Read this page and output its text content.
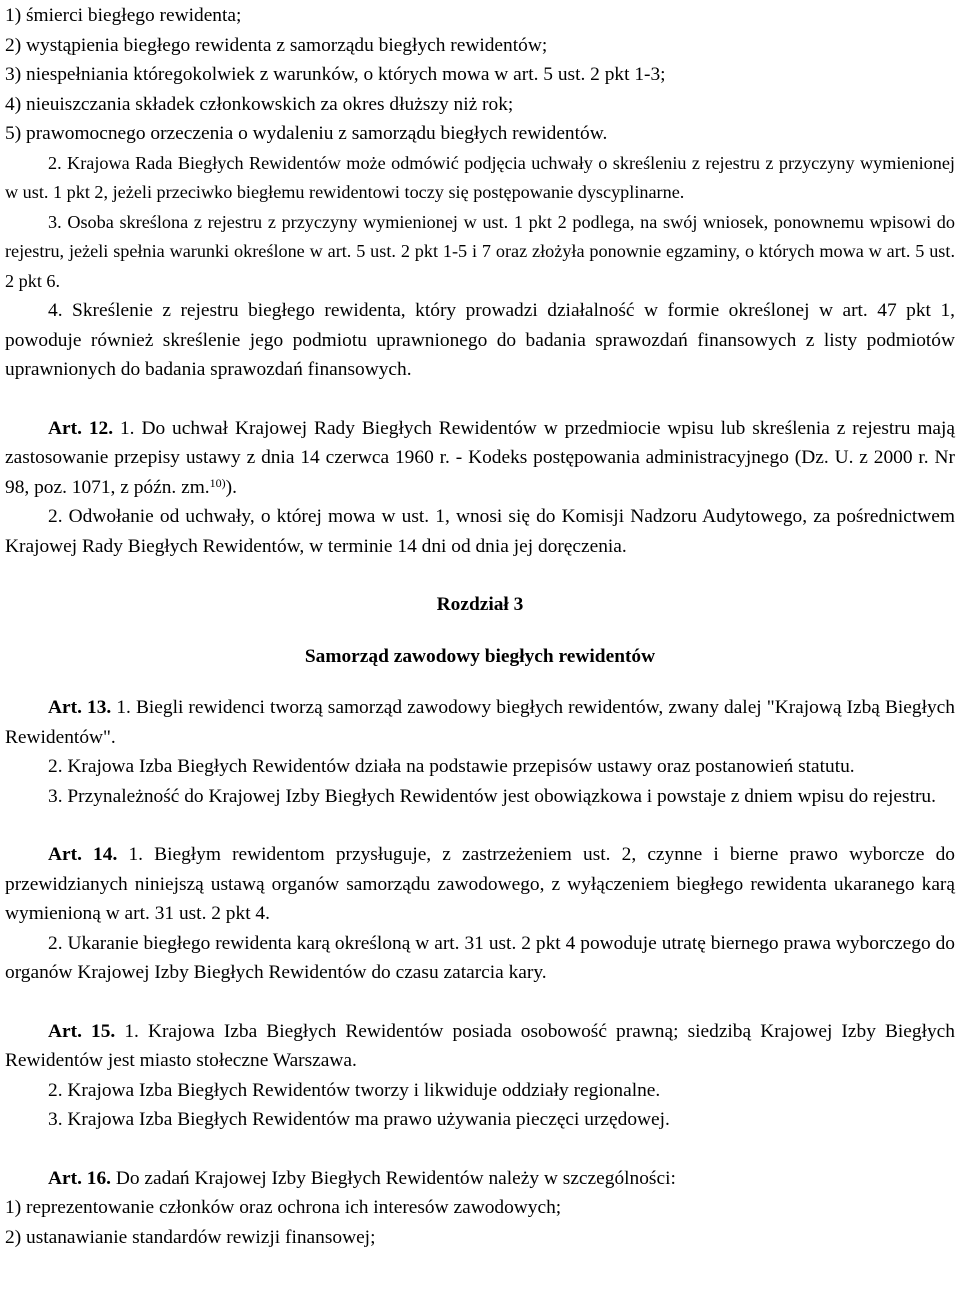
1) śmierci biegłego rewidenta;

2) wystąpienia biegłego rewidenta z samorządu biegłych rewidentów;

3) niespełniania któregokolwiek z warunków, o których mowa w art. 5 ust. 2 pkt 1-3;

4) nieuiszczania składek członkowskich za okres dłuższy niż rok;

5) prawomocnego orzeczenia o wydaleniu z samorządu biegłych rewidentów.

2. Krajowa Rada Biegłych Rewidentów może odmówić podjęcia uchwały o skreśleniu z rejestru z przyczyny wymienionej w ust. 1 pkt 2, jeżeli przeciwko biegłemu rewidentowi toczy się postępowanie dyscyplinarne.

3. Osoba skreślona z rejestru z przyczyny wymienionej w ust. 1 pkt 2 podlega, na swój wniosek, ponownemu wpisowi do rejestru, jeżeli spełnia warunki określone w art. 5 ust. 2 pkt 1-5 i 7 oraz złożyła ponownie egzaminy, o których mowa w art. 5 ust. 2 pkt 6.

4. Skreślenie z rejestru biegłego rewidenta, który prowadzi działalność w formie określonej w art. 47 pkt 1, powoduje również skreślenie jego podmiotu uprawnionego do badania sprawozdań finansowych z listy podmiotów uprawnionych do badania sprawozdań finansowych.

Art. 12. 1. Do uchwał Krajowej Rady Biegłych Rewidentów w przedmiocie wpisu lub skreślenia z rejestru mają zastosowanie przepisy ustawy z dnia 14 czerwca 1960 r. - Kodeks postępowania administracyjnego (Dz. U. z 2000 r. Nr 98, poz. 1071, z późn. zm.$^{10)}$).

2. Odwołanie od uchwały, o której mowa w ust. 1, wnosi się do Komisji Nadzoru Audytowego, za pośrednictwem Krajowej Rady Biegłych Rewidentów, w terminie 14 dni od dnia jej doręczenia.

Rozdział 3

Samorząd zawodowy biegłych rewidentów

Art. 13. 1. Biegli rewidenci tworzą samorząd zawodowy biegłych rewidentów, zwany dalej "Krajową Izbą Biegłych Rewidentów".

2. Krajowa Izba Biegłych Rewidentów działa na podstawie przepisów ustawy oraz postanowień statutu.

3. Przynależność do Krajowej Izby Biegłych Rewidentów jest obowiązkowa i powstaje z dniem wpisu do rejestru.

Art. 14. 1. Biegłym rewidentom przysługuje, z zastrzeżeniem ust. 2, czynne i bierne prawo wyborcze do przewidzianych niniejszą ustawą organów samorządu zawodowego, z wyłączeniem biegłego rewidenta ukaranego karą wymienioną w art. 31 ust. 2 pkt 4.

2. Ukaranie biegłego rewidenta karą określoną w art. 31 ust. 2 pkt 4 powoduje utratę biernego prawa wyborczego do organów Krajowej Izby Biegłych Rewidentów do czasu zatarcia kary.

Art. 15. 1. Krajowa Izba Biegłych Rewidentów posiada osobowość prawną; siedzibą Krajowej Izby Biegłych Rewidentów jest miasto stołeczne Warszawa.

2. Krajowa Izba Biegłych Rewidentów tworzy i likwiduje oddziały regionalne.

3. Krajowa Izba Biegłych Rewidentów ma prawo używania pieczęci urzędowej.

Art. 16. Do zadań Krajowej Izby Biegłych Rewidentów należy w szczególności:

1) reprezentowanie członków oraz ochrona ich interesów zawodowych;

2) ustanawianie standardów rewizji finansowej;
